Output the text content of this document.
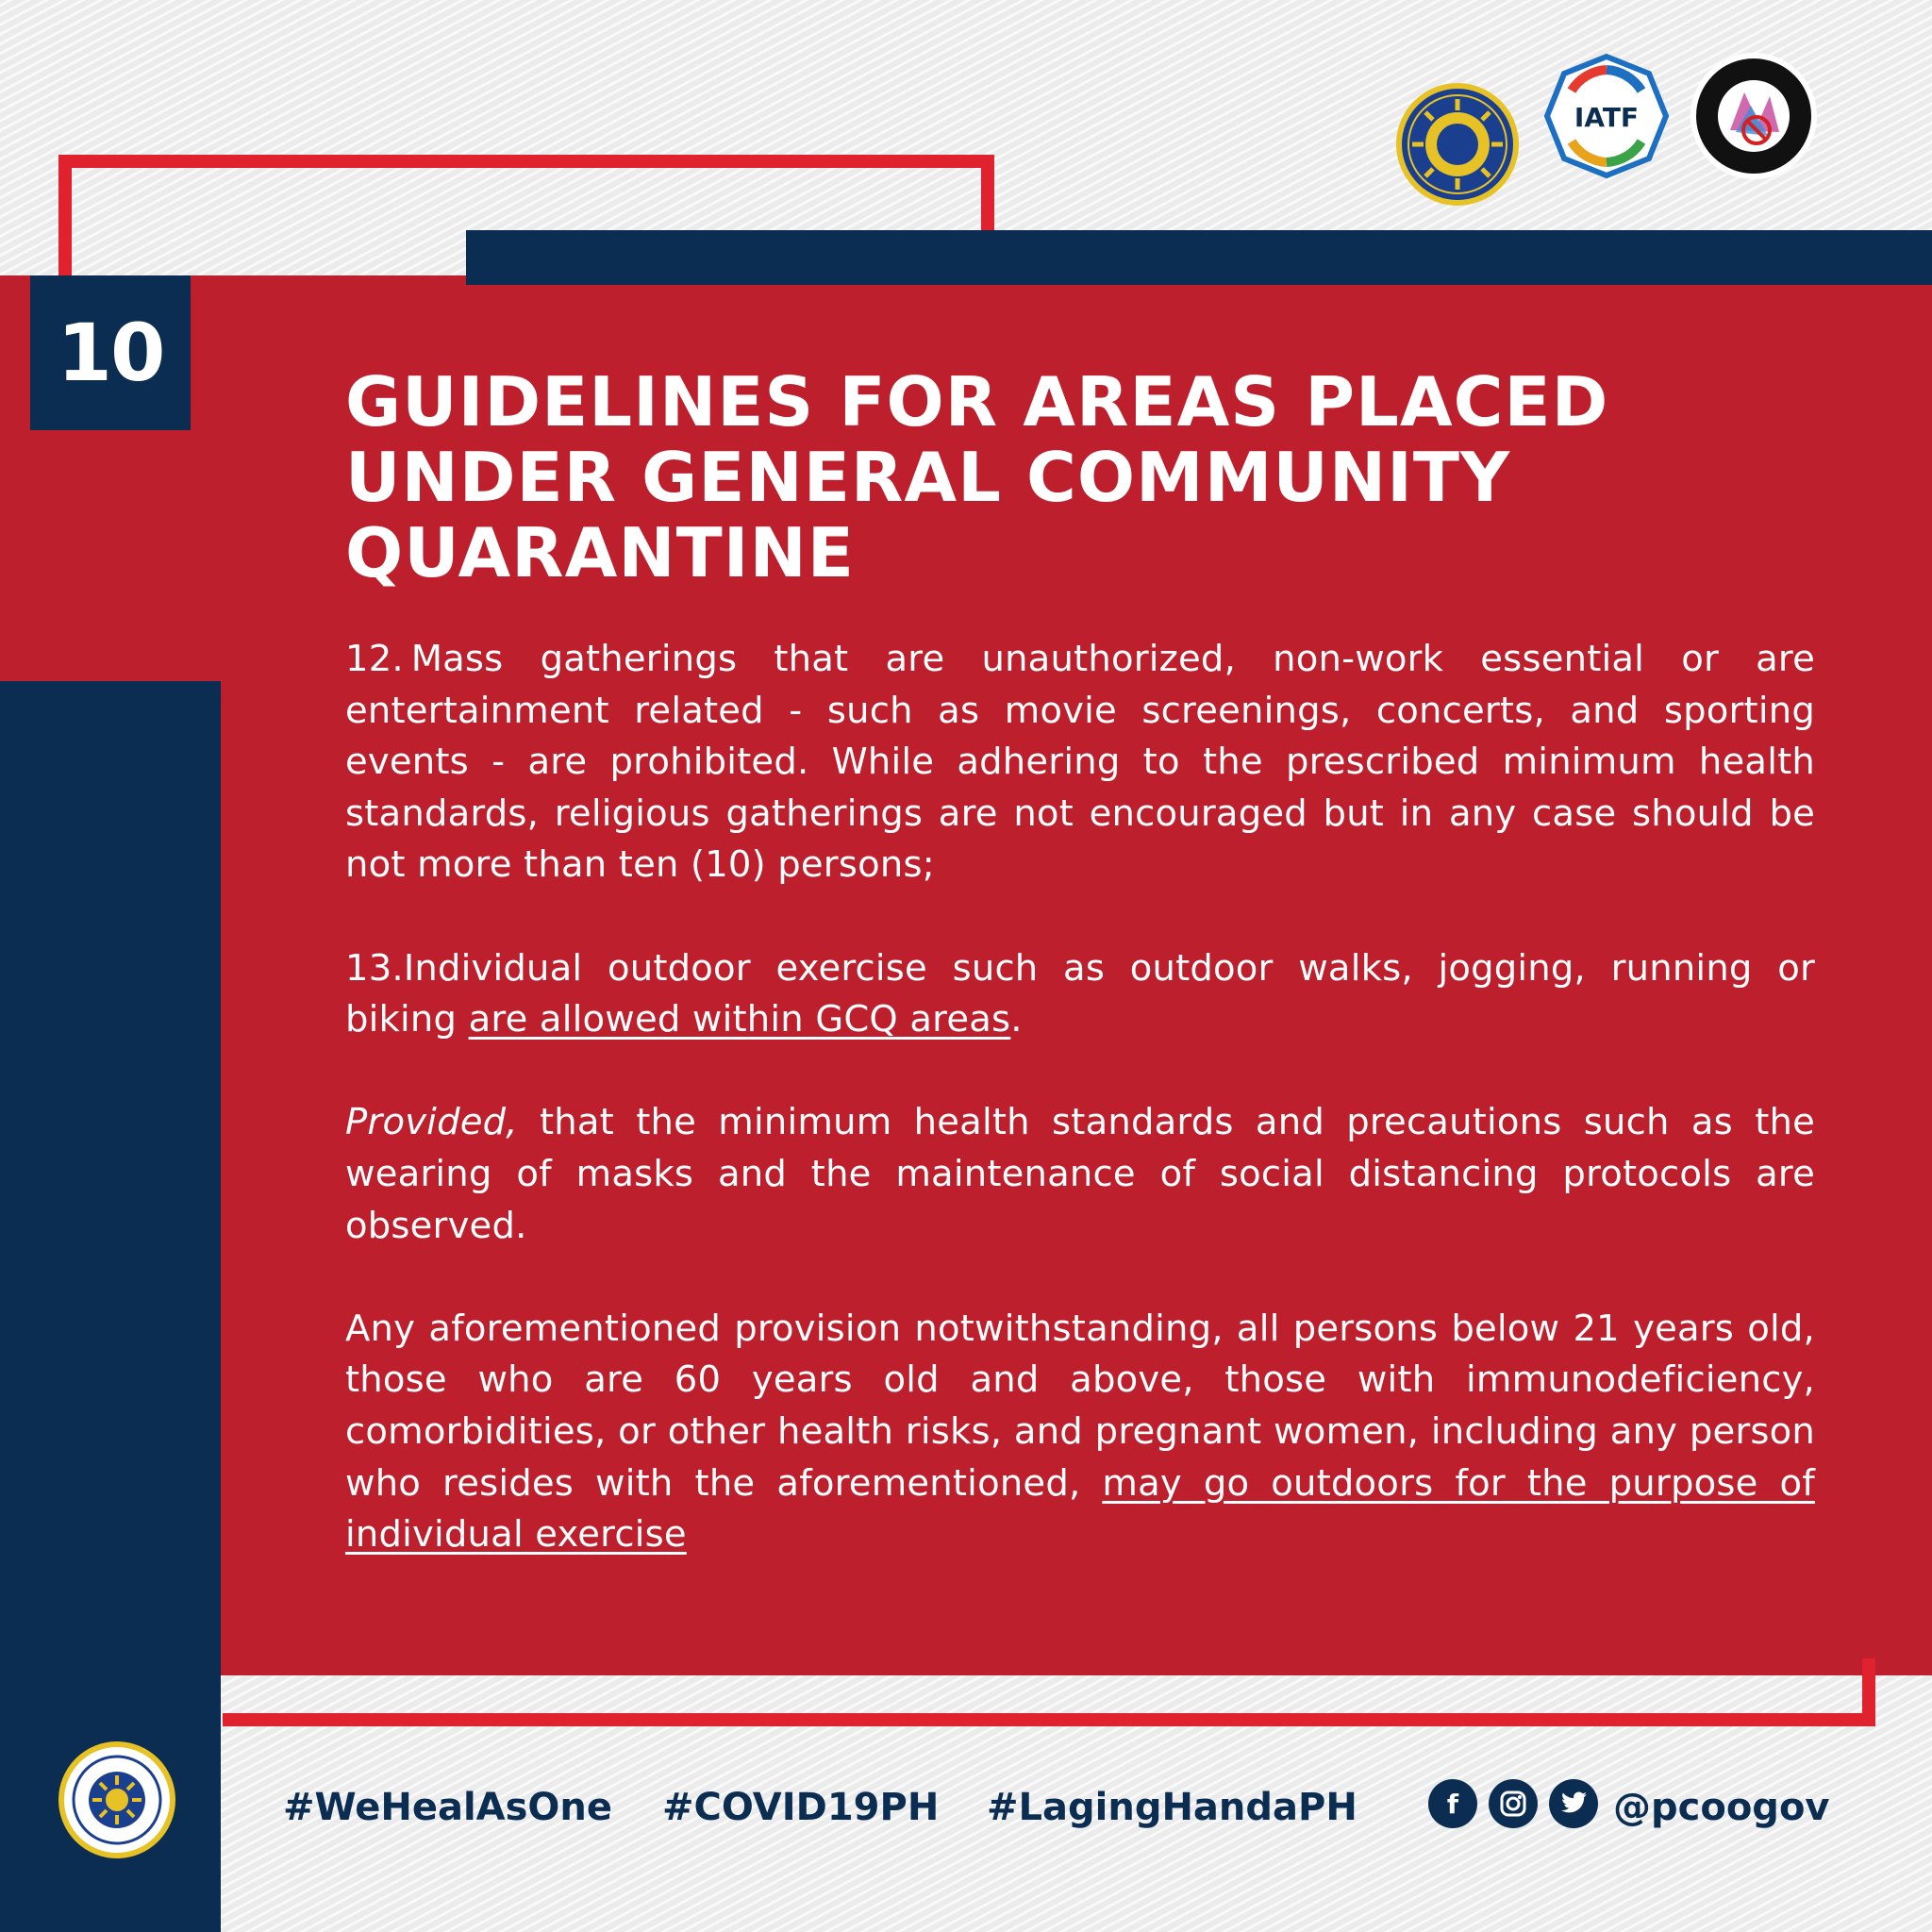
10
GUIDELINES FOR AREAS PLACED UNDER GENERAL COMMUNITY QUARANTINE

12. Mass gatherings that are unauthorized, non-work essential or are entertainment related - such as movie screenings, concerts, and sporting events - are prohibited. While adhering to the prescribed minimum health standards, religious gatherings are not encouraged but in any case should be not more than ten (10) persons;

13.Individual outdoor exercise such as outdoor walks, jogging, running or biking are allowed within GCQ areas.

Provided, that the minimum health standards and precautions such as the wearing of masks and the maintenance of social distancing protocols are observed.

Any aforementioned provision notwithstanding, all persons below 21 years old, those who are 60 years old and above, those with immunodeficiency, comorbidities, or other health risks, and pregnant women, including any person who resides with the aforementioned, may go outdoors for the purpose of individual exercise

IATF
#WeHealAsOne #COVID19PH #LagingHandaPH	f	@pcoogov
